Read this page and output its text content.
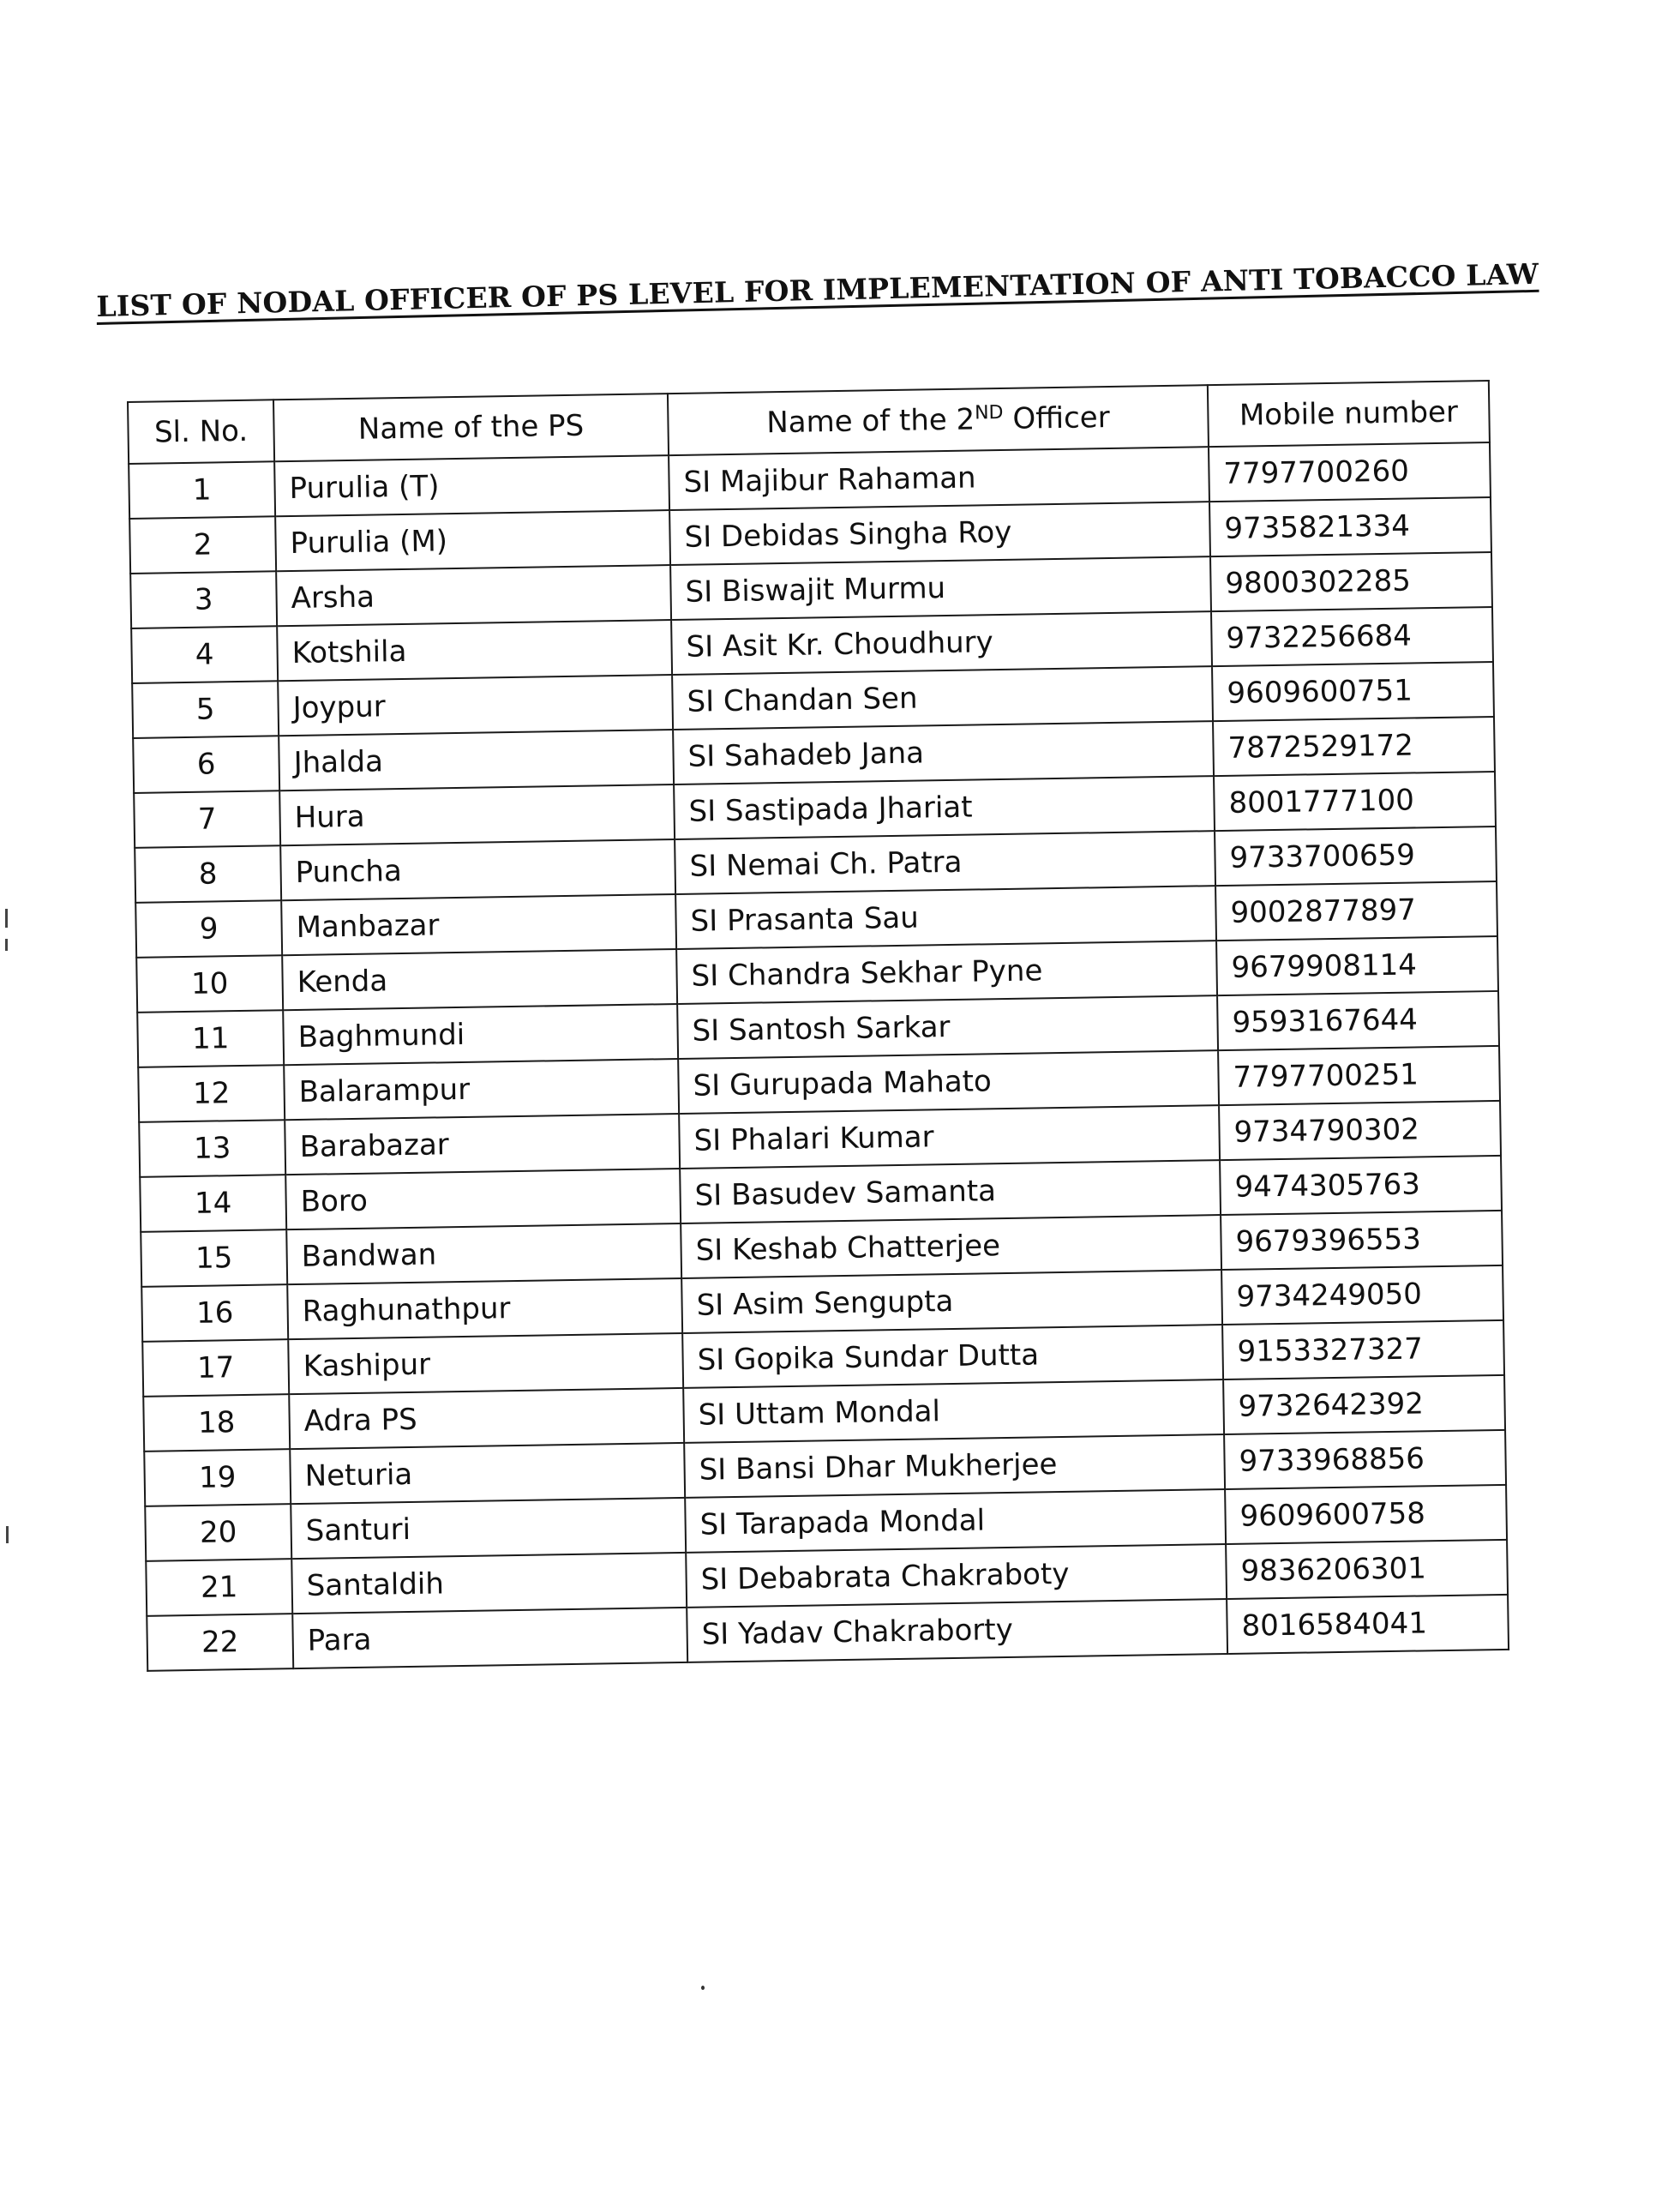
LIST OF NODAL OFFICER OF PS LEVEL FOR IMPLEMENTATION OF ANTI TOBACCO LAW
Sl. No.	Name of the PS	Name of the 2ND Officer	Mobile number
1	Purulia (T)	SI Majibur Rahaman	7797700260
2	Purulia (M)	SI Debidas Singha Roy	9735821334
3	Arsha	SI Biswajit Murmu	9800302285
4	Kotshila	SI Asit Kr. Choudhury	9732256684
5	Joypur	SI Chandan Sen	9609600751
6	Jhalda	SI Sahadeb Jana	7872529172
7	Hura	SI Sastipada Jhariat	8001777100
8	Puncha	SI Nemai Ch. Patra	9733700659
9	Manbazar	SI Prasanta Sau	9002877897
10	Kenda	SI Chandra Sekhar Pyne	9679908114
11	Baghmundi	SI Santosh Sarkar	9593167644
12	Balarampur	SI Gurupada Mahato	7797700251
13	Barabazar	SI Phalari Kumar	9734790302
14	Boro	SI Basudev Samanta	9474305763
15	Bandwan	SI Keshab Chatterjee	9679396553
16	Raghunathpur	SI Asim Sengupta	9734249050
17	Kashipur	SI Gopika Sundar Dutta	9153327327
18	Adra PS	SI Uttam Mondal	9732642392
19	Neturia	SI Bansi Dhar Mukherjee	9733968856
20	Santuri	SI Tarapada Mondal	9609600758
21	Santaldih	SI Debabrata Chakraboty	9836206301
22	Para	SI Yadav Chakraborty	8016584041
